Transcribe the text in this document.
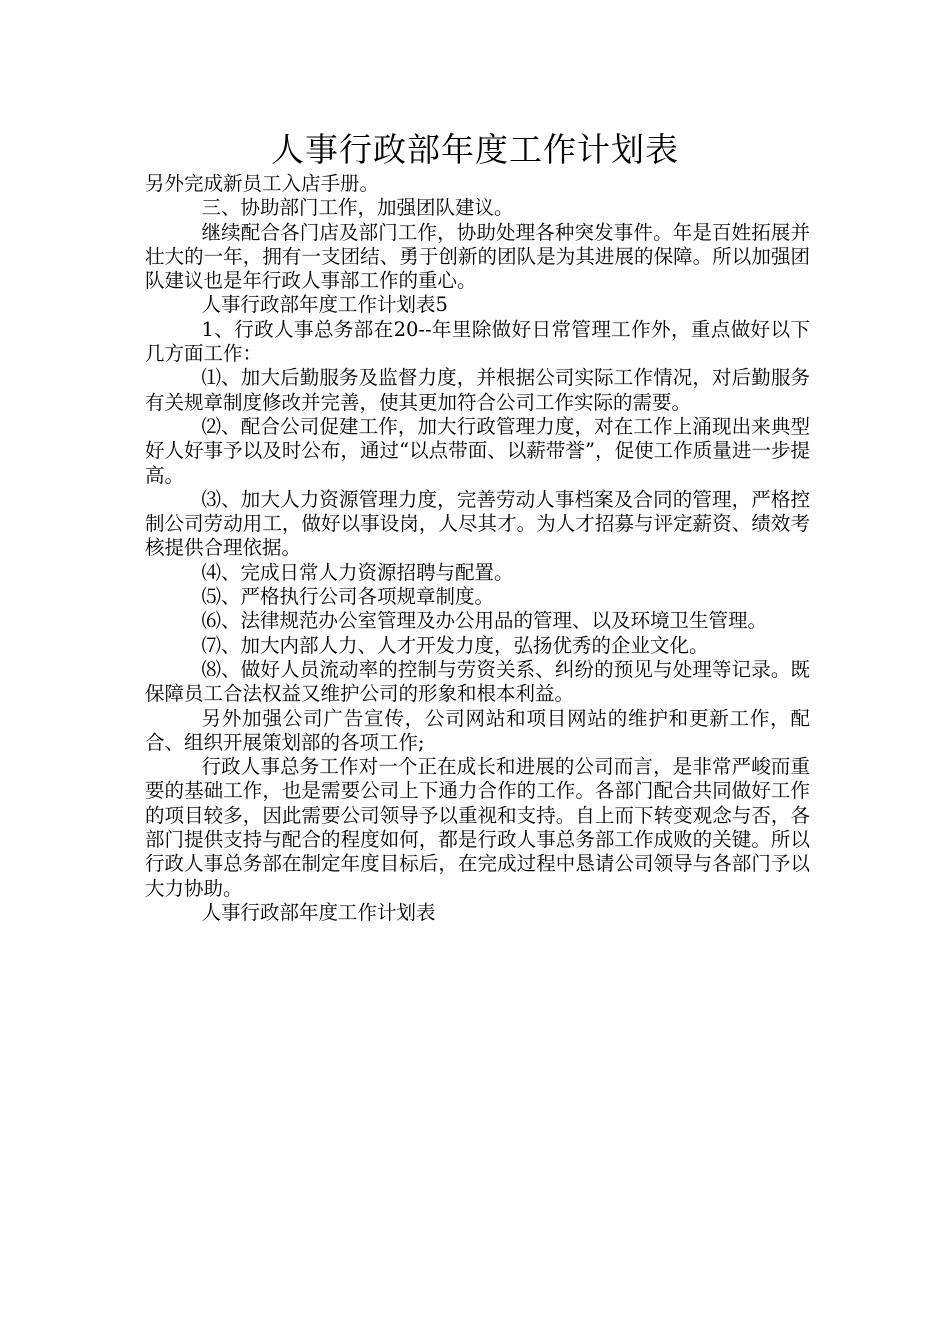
人事行政部年度工作计划表

另外完成新员工入店手册。

三、协助部门工作，加强团队建议。

继续配合各门店及部门工作，协助处理各种突发事件。年是百姓拓展并壮大的一年，拥有一支团结、勇于创新的团队是为其进展的保障。所以加强团队建议也是年行政人事部工作的重心。

人事行政部年度工作计划表5

1、行政人事总务部在20--年里除做好日常管理工作外，重点做好以下几方面工作：

⑴、加大后勤服务及监督力度，并根据公司实际工作情况，对后勤服务有关规章制度修改并完善，使其更加符合公司工作实际的需要。

⑵、配合公司促建工作，加大行政管理力度，对在工作上涌现出来典型好人好事予以及时公布，通过“以点带面、以薪带誉”，促使工作质量进一步提高。

⑶、加大人力资源管理力度，完善劳动人事档案及合同的管理，严格控制公司劳动用工，做好以事设岗，人尽其才。为人才招募与评定薪资、绩效考核提供合理依据。

⑷、完成日常人力资源招聘与配置。

⑸、严格执行公司各项规章制度。

⑹、法律规范办公室管理及办公用品的管理、以及环境卫生管理。

⑺、加大内部人力、人才开发力度，弘扬优秀的企业文化。

⑻、做好人员流动率的控制与劳资关系、纠纷的预见与处理等记录。既保障员工合法权益又维护公司的形象和根本利益。

另外加强公司广告宣传，公司网站和项目网站的维护和更新工作，配合、组织开展策划部的各项工作;

行政人事总务工作对一个正在成长和进展的公司而言，是非常严峻而重要的基础工作，也是需要公司上下通力合作的工作。各部门配合共同做好工作的项目较多，因此需要公司领导予以重视和支持。自上而下转变观念与否，各部门提供支持与配合的程度如何，都是行政人事总务部工作成败的关键。所以行政人事总务部在制定年度目标后，在完成过程中恳请公司领导与各部门予以大力协助。

人事行政部年度工作计划表
